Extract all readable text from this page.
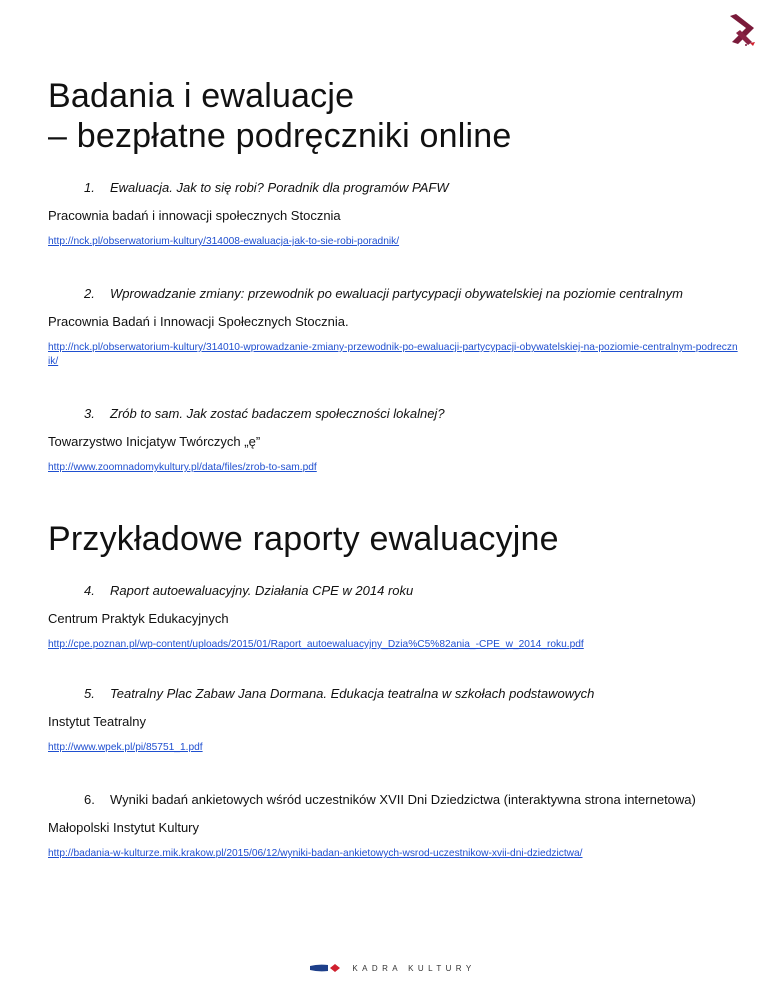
Badania i ewaluacje
– bezpłatne podręczniki online
1. Ewaluacja. Jak to się robi? Poradnik dla programów PAFW
Pracownia badań i innowacji społecznych Stocznia
http://nck.pl/obserwatorium-kultury/314008-ewaluacja-jak-to-sie-robi-poradnik/
2. Wprowadzanie zmiany: przewodnik po ewaluacji partycypacji obywatelskiej na poziomie centralnym
Pracownia Badań i Innowacji Społecznych Stocznia.
http://nck.pl/obserwatorium-kultury/314010-wprowadzanie-zmiany-przewodnik-po-ewaluacji-partycypacji-obywatelskiej-na-poziomie-centralnym-podrecznik/
3. Zrób to sam. Jak zostać badaczem społeczności lokalnej?
Towarzystwo Inicjatyw Twórczych „ę”
http://www.zoomnadomykultury.pl/data/files/zrob-to-sam.pdf
Przykładowe raporty ewaluacyjne
4. Raport autoewaluacyjny. Działania CPE w 2014 roku
Centrum Praktyk Edukacyjnych
http://cpe.poznan.pl/wp-content/uploads/2015/01/Raport_autoewaluacyjny_Dzia%C5%82ania_-CPE_w_2014_roku.pdf
5. Teatralny Plac Zabaw Jana Dormana. Edukacja teatralna w szkołach podstawowych
Instytut Teatralny
http://www.wpek.pl/pi/85751_1.pdf
6. Wyniki badań ankietowych wśród uczestników XVII Dni Dziedzictwa (interaktywna strona internetowa)
Małopolski Instytut Kultury
http://badania-w-kulturze.mik.krakow.pl/2015/06/12/wyniki-badan-ankietowych-wsrod-uczestnikow-xvii-dni-dziedzictwa/
KADRA KULTURY
